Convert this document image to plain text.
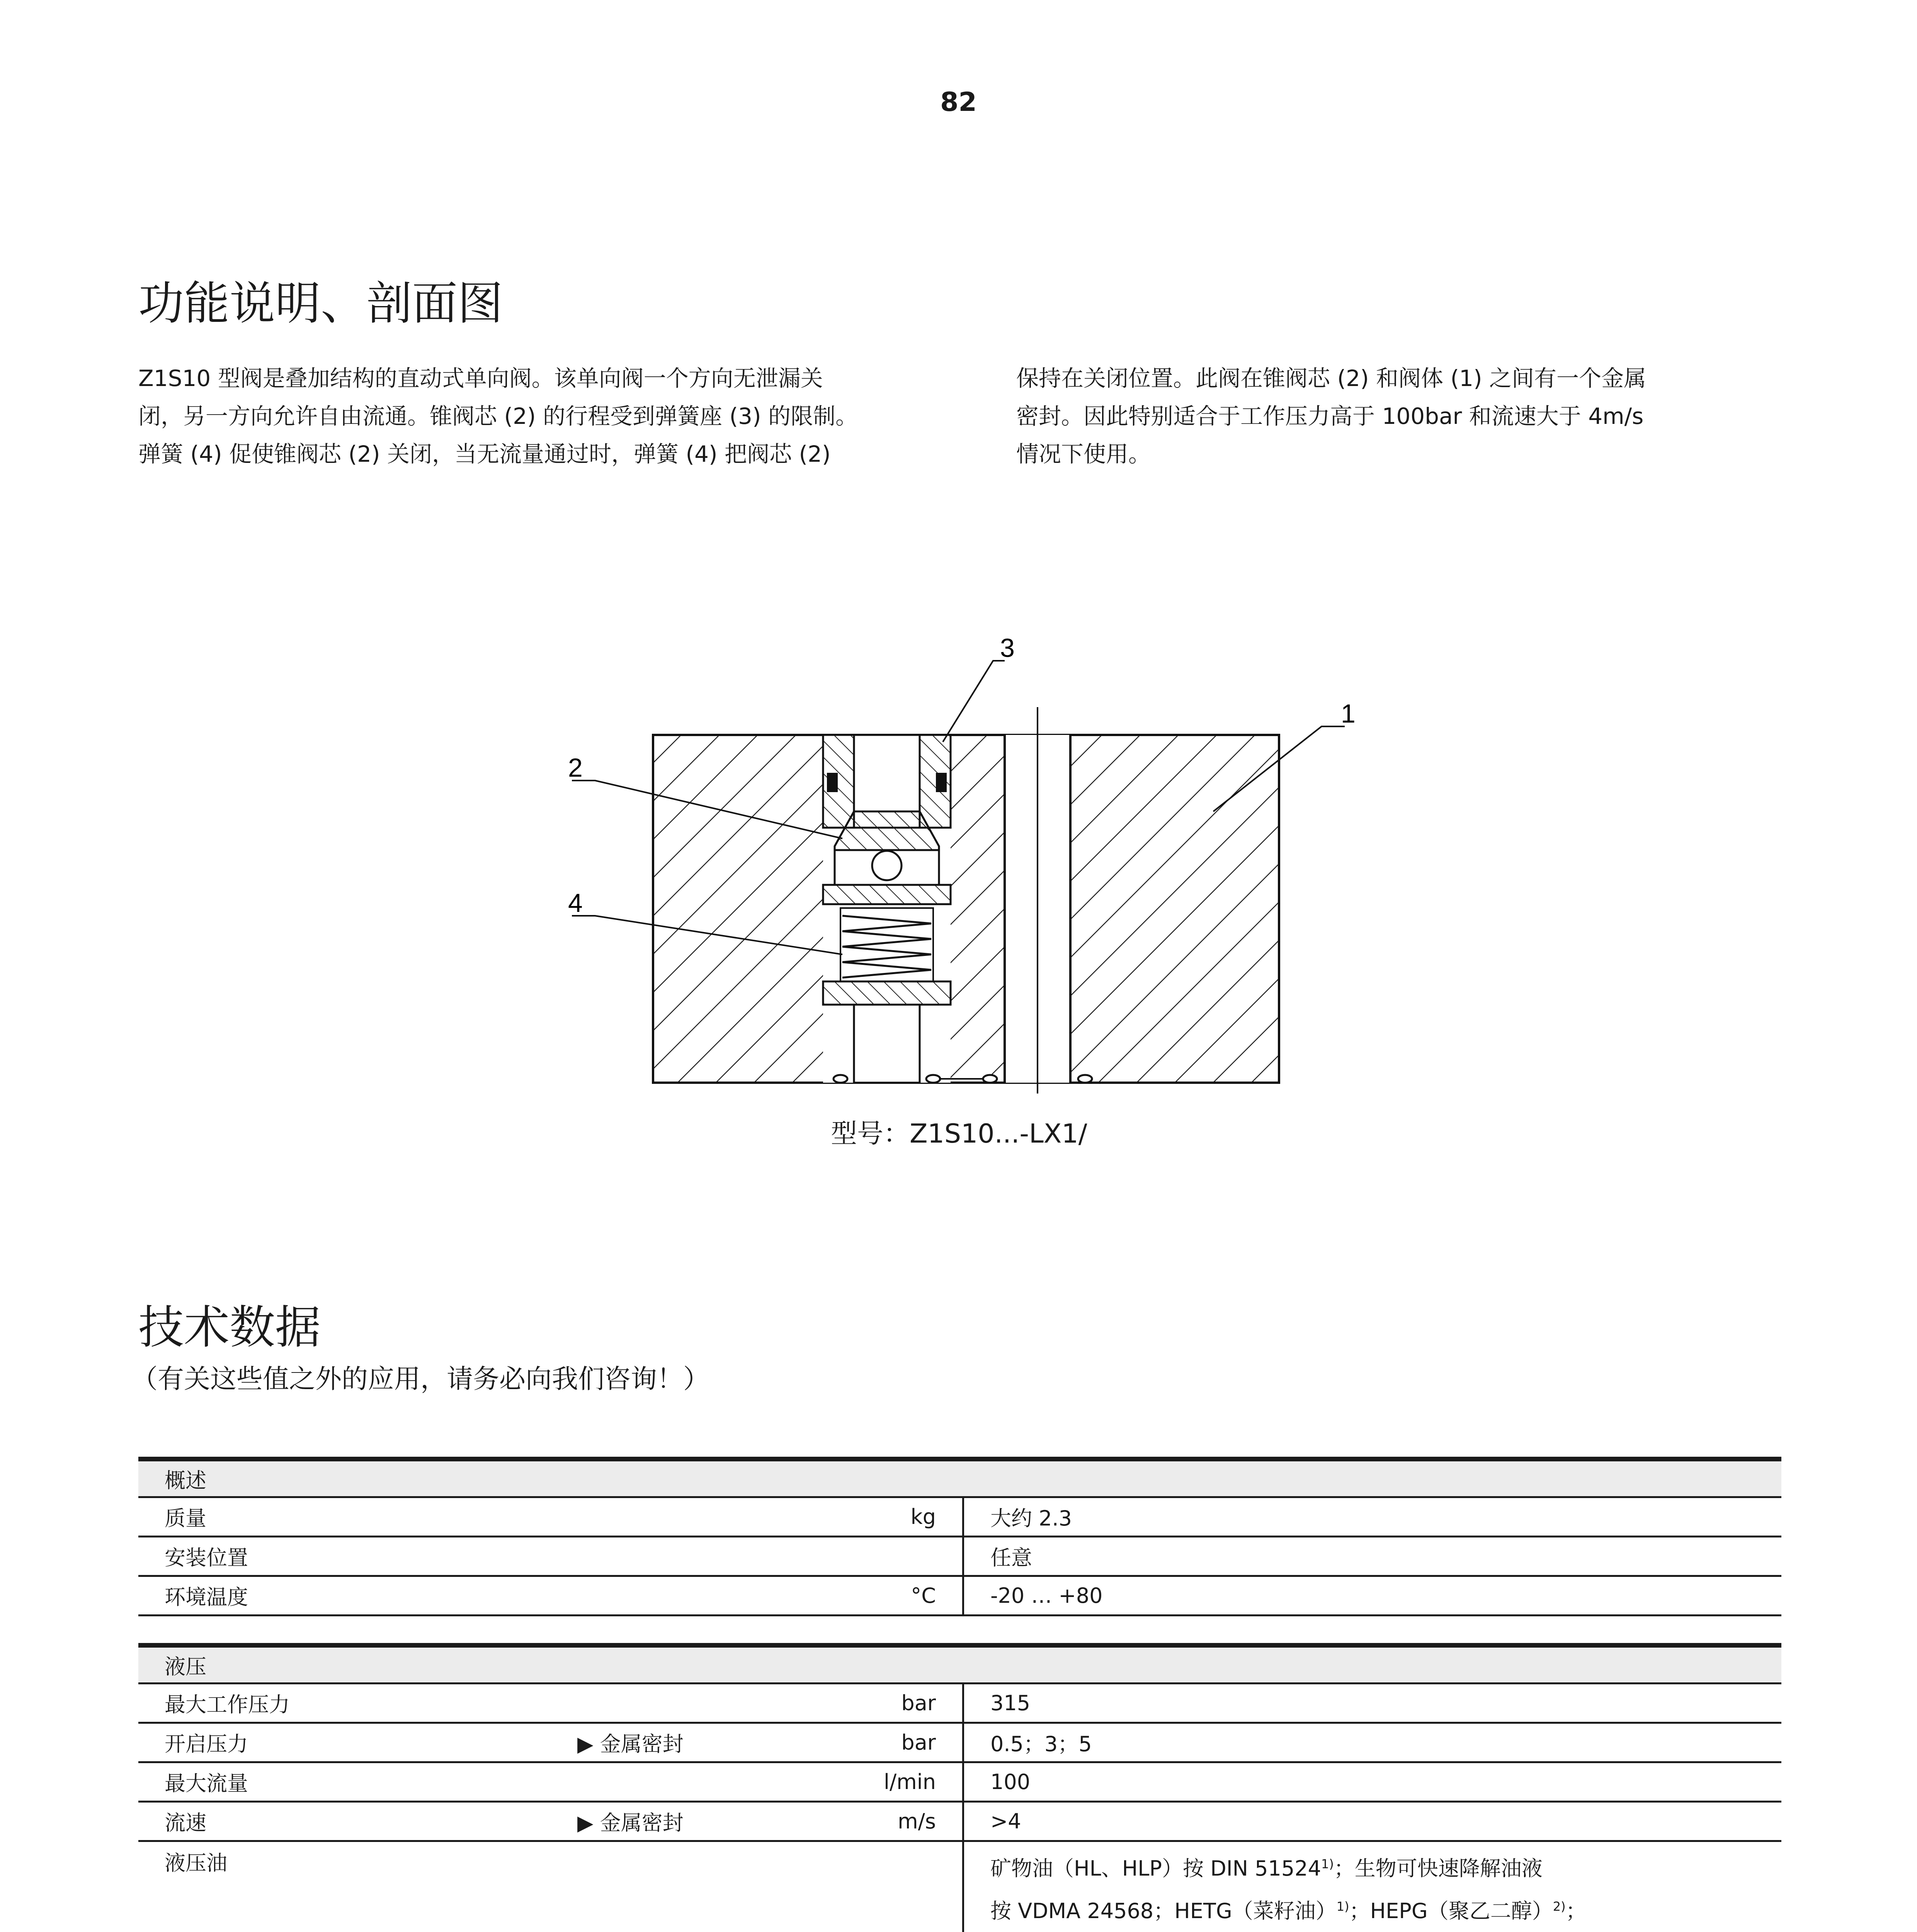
82
功能说明、剖面图
Z1S10 型阀是叠加结构的直动式单向阀。该单向阀一个方向无泄漏关
闭，另一方向允许自由流通。锥阀芯 (2) 的行程受到弹簧座 (3) 的限制。
弹簧 (4) 促使锥阀芯 (2) 关闭，当无流量通过时，弹簧 (4) 把阀芯 (2)
保持在关闭位置。此阀在锥阀芯 (2) 和阀体 (1) 之间有一个金属
密封。因此特别适合于工作压力高于 100bar 和流速大于 4m/s
情况下使用。
3
1
2
4
型号：Z1S10...-LX1/
技术数据
（有关这些值之外的应用，请务必向我们咨询！）
概述			
质量		kg	大约 2.3
安装位置			任意
环境温度		°C	-20 … +80
液压			
最大工作压力		bar	315
开启压力	▶ 金属密封	bar	0.5；3；5
最大流量		l/min	100
流速	▶ 金属密封	m/s	>4
液压油			矿物油（HL、HLP）按 DIN 51524$^{1)}$；生物可快速降解油液
按 VDMA 24568；HETG（菜籽油）$^{1)}$；HEPG（聚乙二醇）$^{2)}$；
